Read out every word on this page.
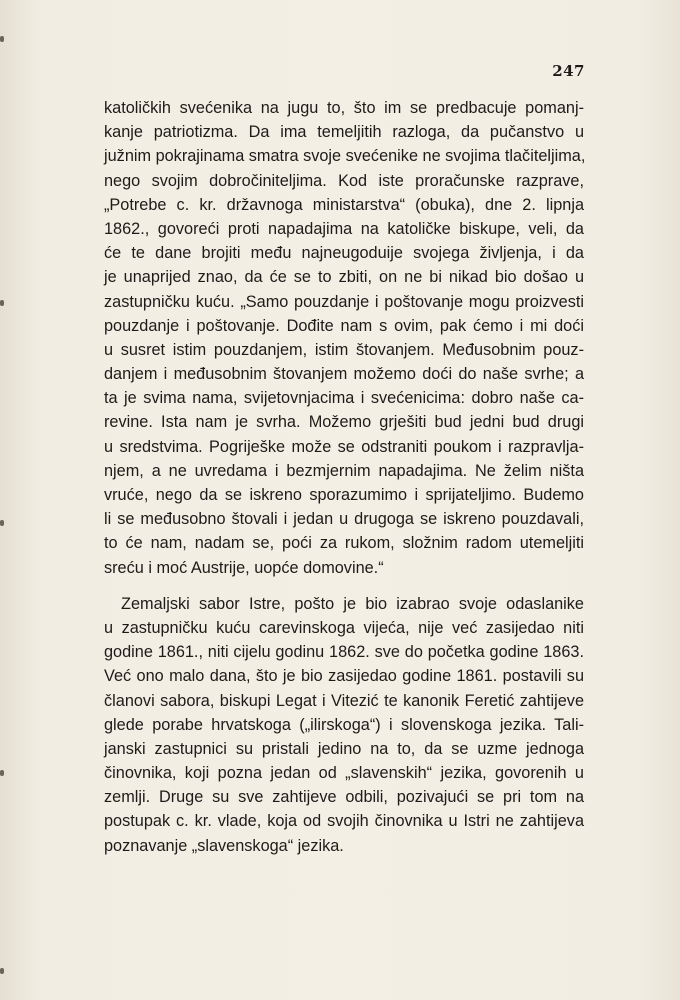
247
katoličkih svećenika na jugu to, što im se predbacuje pomanj-
kanje patriotizma. Da ima temeljitih razloga, da pučanstvo u
južnim pokrajinama smatra svoje svećenike ne svojima tlačiteljima,
nego svojim dobročiniteljima. Kod iste proračunske razprave,
„Potrebe c. kr. državnoga ministarstva“ (obuka), dne 2. lipnja
1862., govoreći proti napadajima na katoličke biskupe, veli, da
će te dane brojiti među najneugoduije svojega življenja, i da
je unaprijed znao, da će se to zbiti, on ne bi nikad bio došao u
zastupničku kuću. „Samo pouzdanje i poštovanje mogu proizvesti
pouzdanje i poštovanje. Dođite nam s ovim, pak ćemo i mi doći
u susret istim pouzdanjem, istim štovanjem. Međusobnim pouz-
danjem i međusobnim štovanjem možemo doći do naše svrhe; a
ta je svima nama, svijetovnjacima i svećenicima: dobro naše ca-
revine. Ista nam je svrha. Možemo grješiti bud jedni bud drugi
u sredstvima. Pogriješke može se odstraniti poukom i razpravlja-
njem, a ne uvredama i bezmjernim napadajima. Ne želim ništa
vruće, nego da se iskreno sporazumimo i sprijateljimo. Budemo
li se međusobno štovali i jedan u drugoga se iskreno pouzdavali,
to će nam, nadam se, poći za rukom, složnim radom utemeljiti
sreću i moć Austrije, uopće domovine.“
Zemaljski sabor Istre, pošto je bio izabrao svoje odaslanike
u zastupničku kuću carevinskoga vijeća, nije već zasijedao niti
godine 1861., niti cijelu godinu 1862. sve do početka godine 1863.
Već ono malo dana, što je bio zasijedao godine 1861. postavili su
članovi sabora, biskupi Legat i Vitezić te kanonik Feretić zahtijeve
glede porabe hrvatskoga („ilirskoga“) i slovenskoga jezika. Tali-
janski zastupnici su pristali jedino na to, da se uzme jednoga
činovnika, koji pozna jedan od „slavenskih“ jezika, govorenih u
zemlji. Druge su sve zahtijeve odbili, pozivajući se pri tom na
postupak c. kr. vlade, koja od svojih činovnika u Istri ne zahtijeva
poznavanje „slavenskoga“ jezika.
